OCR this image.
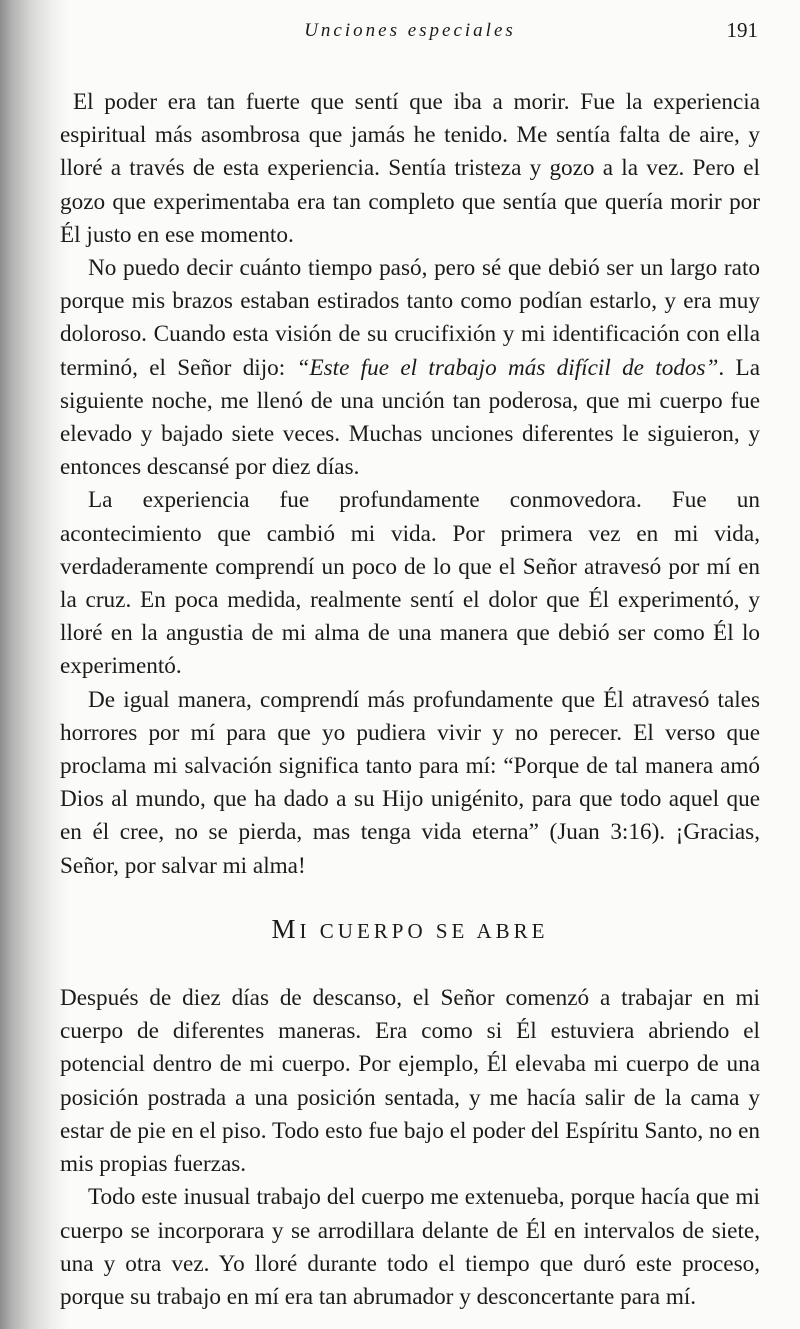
Unciones especiales	191

El poder era tan fuerte que sentí que iba a morir. Fue la experiencia espiritual más asombrosa que jamás he tenido. Me sentía falta de aire, y lloré a través de esta experiencia. Sentía tristeza y gozo a la vez. Pero el gozo que experimentaba era tan completo que sentía que quería morir por Él justo en ese momento.

No puedo decir cuánto tiempo pasó, pero sé que debió ser un largo rato porque mis brazos estaban estirados tanto como podían estarlo, y era muy doloroso. Cuando esta visión de su crucifixión y mi identificación con ella terminó, el Señor dijo: “Este fue el trabajo más difícil de todos”. La siguiente noche, me llenó de una unción tan poderosa, que mi cuerpo fue elevado y bajado siete veces. Muchas unciones diferentes le siguieron, y entonces descansé por diez días.

La experiencia fue profundamente conmovedora. Fue un acontecimiento que cambió mi vida. Por primera vez en mi vida, verdaderamente comprendí un poco de lo que el Señor atravesó por mí en la cruz. En poca medida, realmente sentí el dolor que Él experimentó, y lloré en la angustia de mi alma de una manera que debió ser como Él lo experimentó.

De igual manera, comprendí más profundamente que Él atravesó tales horrores por mí para que yo pudiera vivir y no perecer. El verso que proclama mi salvación significa tanto para mí: “Porque de tal manera amó Dios al mundo, que ha dado a su Hijo unigénito, para que todo aquel que en él cree, no se pierda, mas tenga vida eterna” (Juan 3:16). ¡Gracias, Señor, por salvar mi alma!

MI CUERPO SE ABRE

Después de diez días de descanso, el Señor comenzó a trabajar en mi cuerpo de diferentes maneras. Era como si Él estuviera abriendo el potencial dentro de mi cuerpo. Por ejemplo, Él elevaba mi cuerpo de una posición postrada a una posición sentada, y me hacía salir de la cama y estar de pie en el piso. Todo esto fue bajo el poder del Espíritu Santo, no en mis propias fuerzas.

Todo este inusual trabajo del cuerpo me extenueba, porque hacía que mi cuerpo se incorporara y se arrodillara delante de Él en intervalos de siete, una y otra vez. Yo lloré durante todo el tiempo que duró este proceso, porque su trabajo en mí era tan abrumador y desconcertante para mí.
